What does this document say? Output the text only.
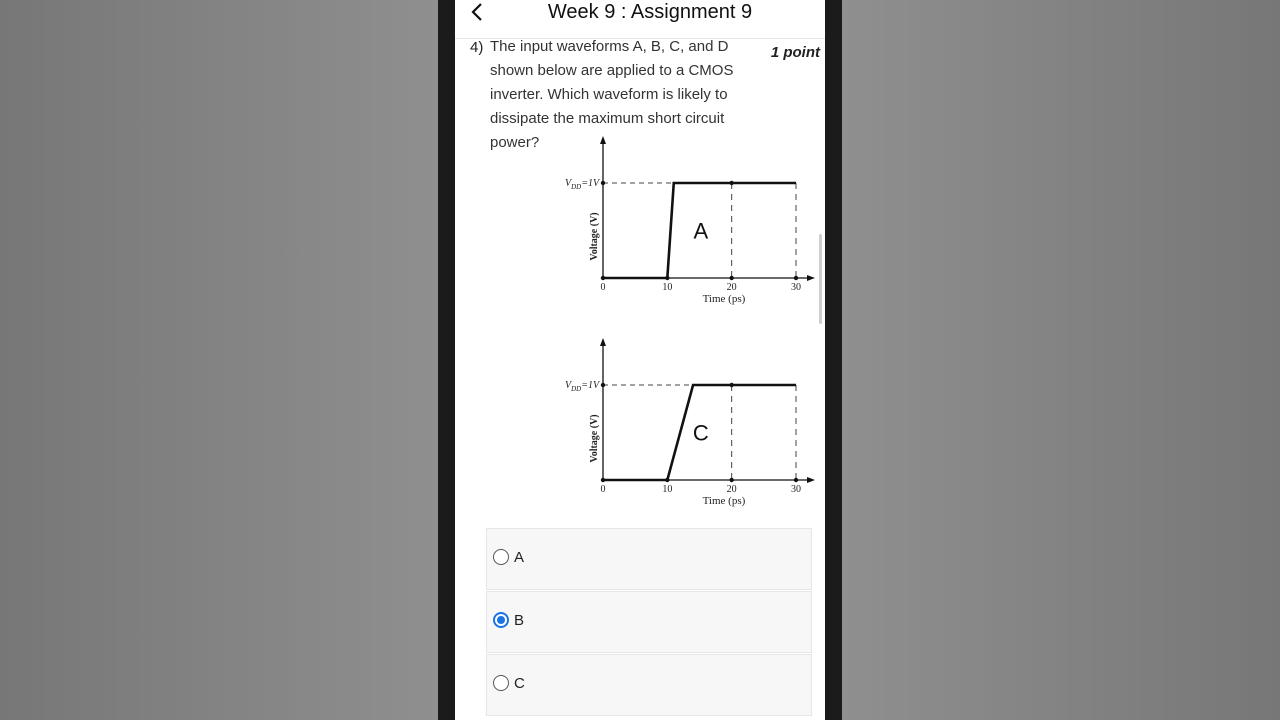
Week 9 : Assignment 9
4) The input waveforms A, B, C, and D shown below are applied to a CMOS inverter. Which waveform is likely to dissipate the maximum short circuit power?
1 point
0	10	20	30
Time (ps)
Voltage (V)
$V_{DD}=1V$
A
0	10	20	30
Time (ps)
Voltage (V)
$V_{DD}=1V$
C
A
B
C
